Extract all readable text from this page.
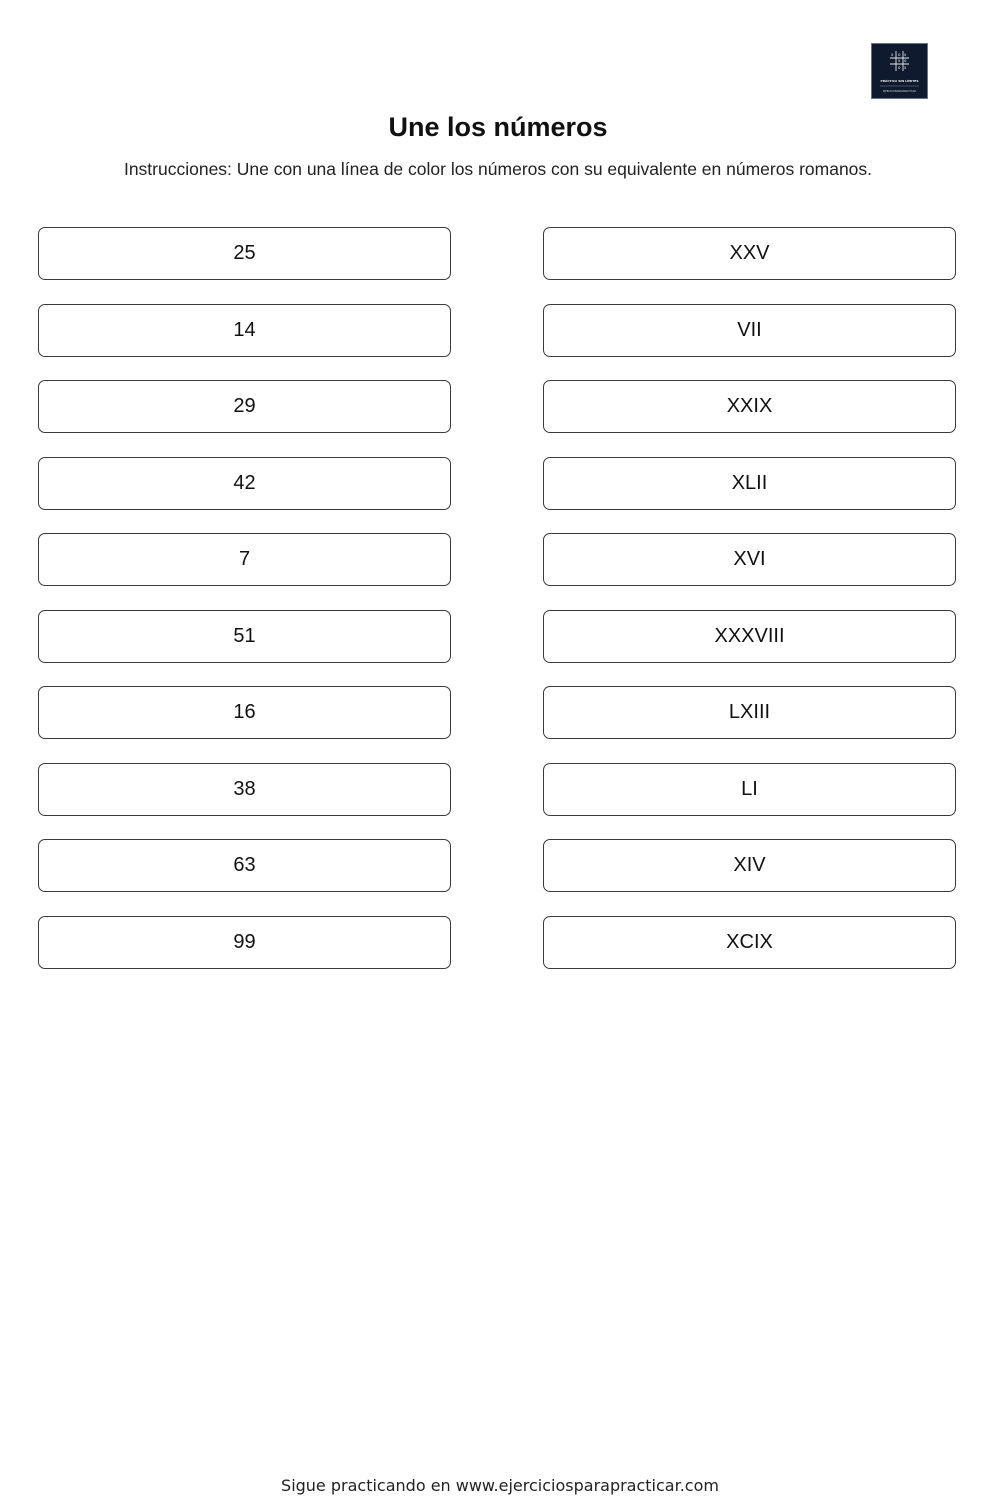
x o x
x o
o x
PRÁCTICA SIN LÍMITES
EJERCICIOSPARAPRACTICAR
Une los números

Instrucciones: Une con una línea de color los números con su equivalente en números romanos.

25
14
29
42
7
51
16
38
63
99
XXV
VII
XXIX
XLII
XVI
XXXVIII
LXIII
LI
XIV
XCIX
Sigue practicando en www.ejerciciosparapracticar.com
